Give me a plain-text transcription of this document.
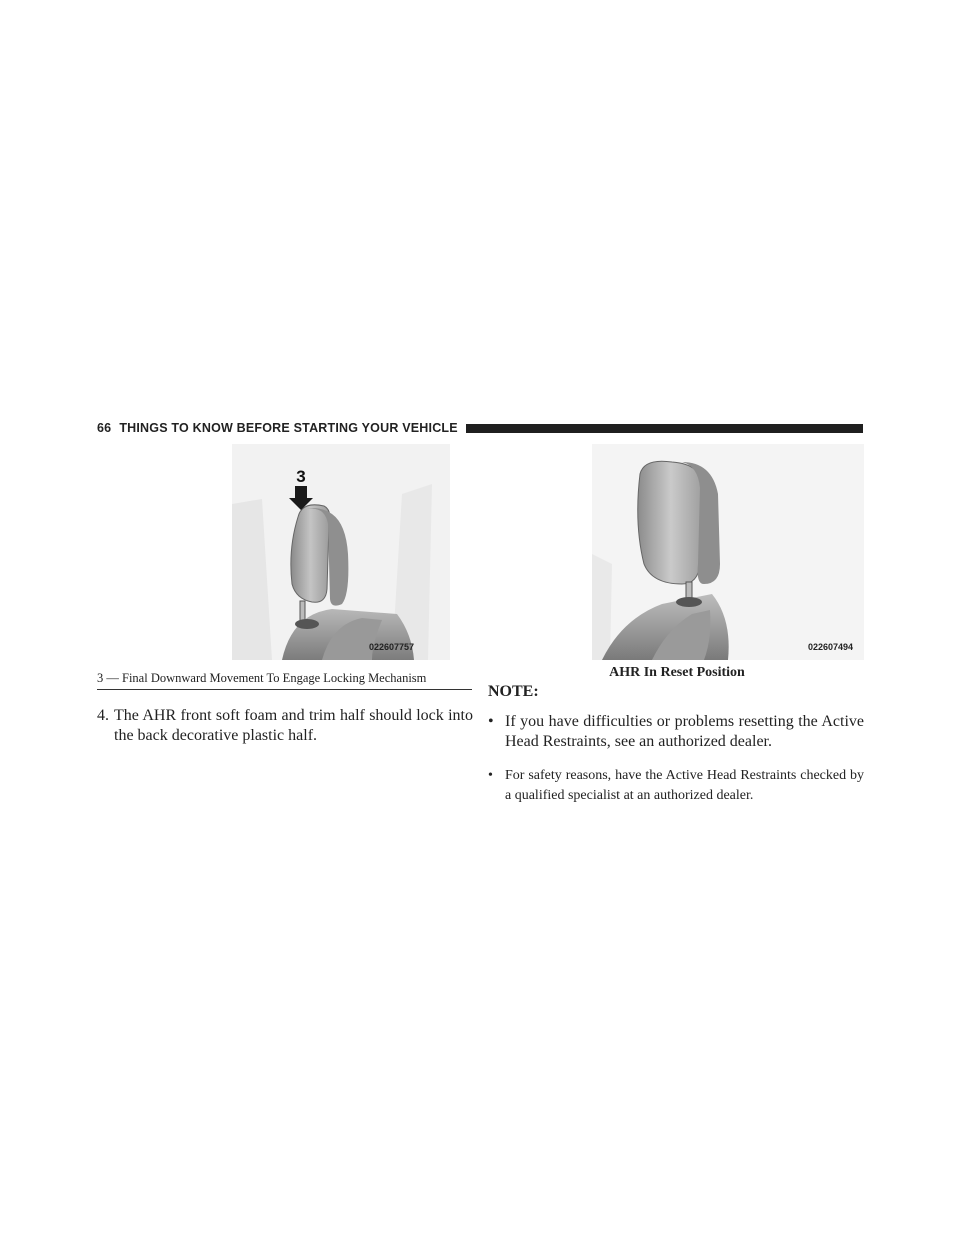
66 THINGS TO KNOW BEFORE STARTING YOUR VEHICLE
3
022607757
3 — Final Downward Movement To Engage Locking Mechanism
022607494
AHR In Reset Position
4. The AHR front soft foam and trim half should lock into the back decorative plastic half.
NOTE:
• If you have difficulties or problems resetting the Active Head Restraints, see an authorized dealer.
• For safety reasons, have the Active Head Restraints checked by a qualified specialist at an authorized dealer.
